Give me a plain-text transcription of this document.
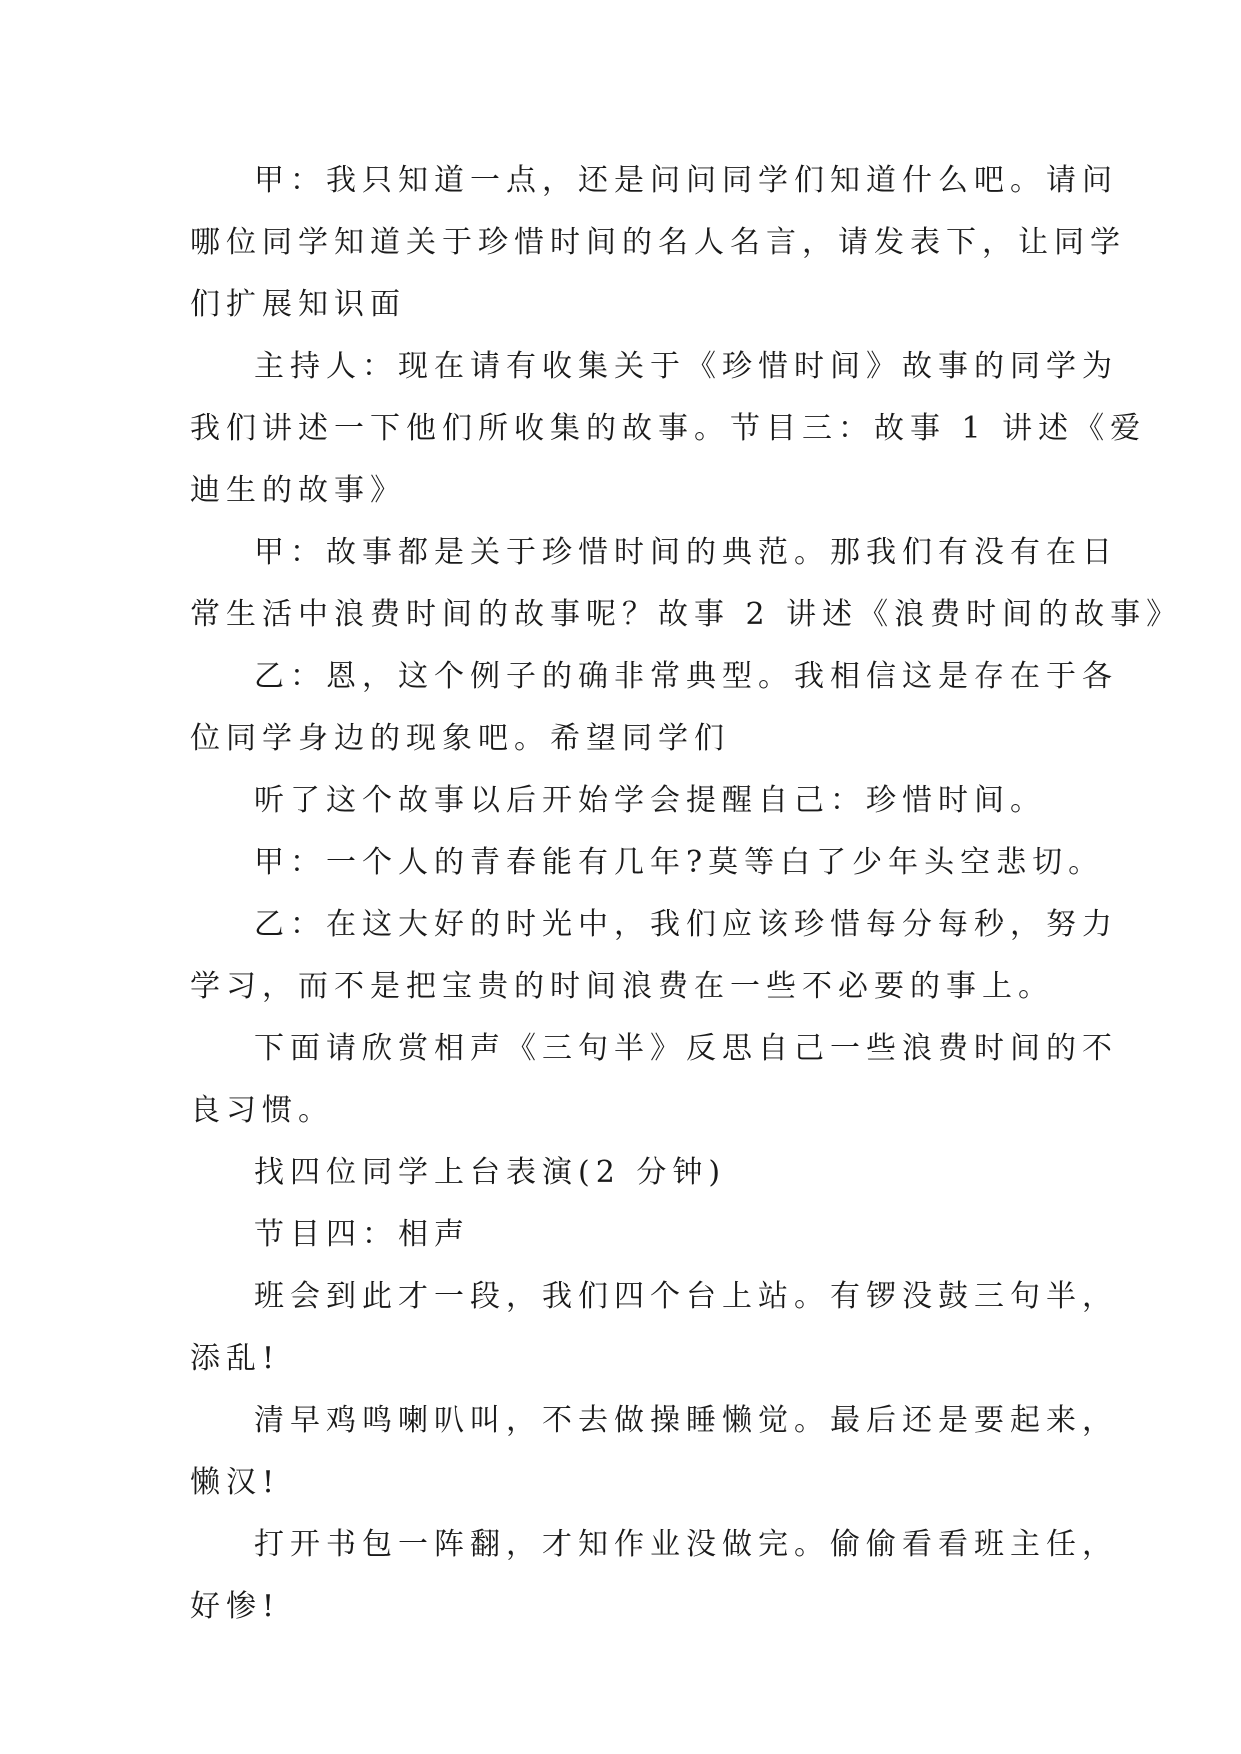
甲：我只知道一点，还是问问同学们知道什么吧。请问
哪位同学知道关于珍惜时间的名人名言，请发表下，让同学
们扩展知识面

主持人：现在请有收集关于《珍惜时间》故事的同学为
我们讲述一下他们所收集的故事。节目三：故事 1 讲述《爱
迪生的故事》

甲：故事都是关于珍惜时间的典范。那我们有没有在日
常生活中浪费时间的故事呢？故事 2 讲述《浪费时间的故事》

乙：恩，这个例子的确非常典型。我相信这是存在于各
位同学身边的现象吧。希望同学们

听了这个故事以后开始学会提醒自己：珍惜时间。

甲：一个人的青春能有几年?莫等白了少年头空悲切。

乙：在这大好的时光中，我们应该珍惜每分每秒，努力
学习，而不是把宝贵的时间浪费在一些不必要的事上。

下面请欣赏相声《三句半》反思自己一些浪费时间的不
良习惯。

找四位同学上台表演(2 分钟)

节目四：相声

班会到此才一段，我们四个台上站。有锣没鼓三句半，
添乱!

清早鸡鸣喇叭叫，不去做操睡懒觉。最后还是要起来，
懒汉!

打开书包一阵翻，才知作业没做完。偷偷看看班主任，
好惨!
